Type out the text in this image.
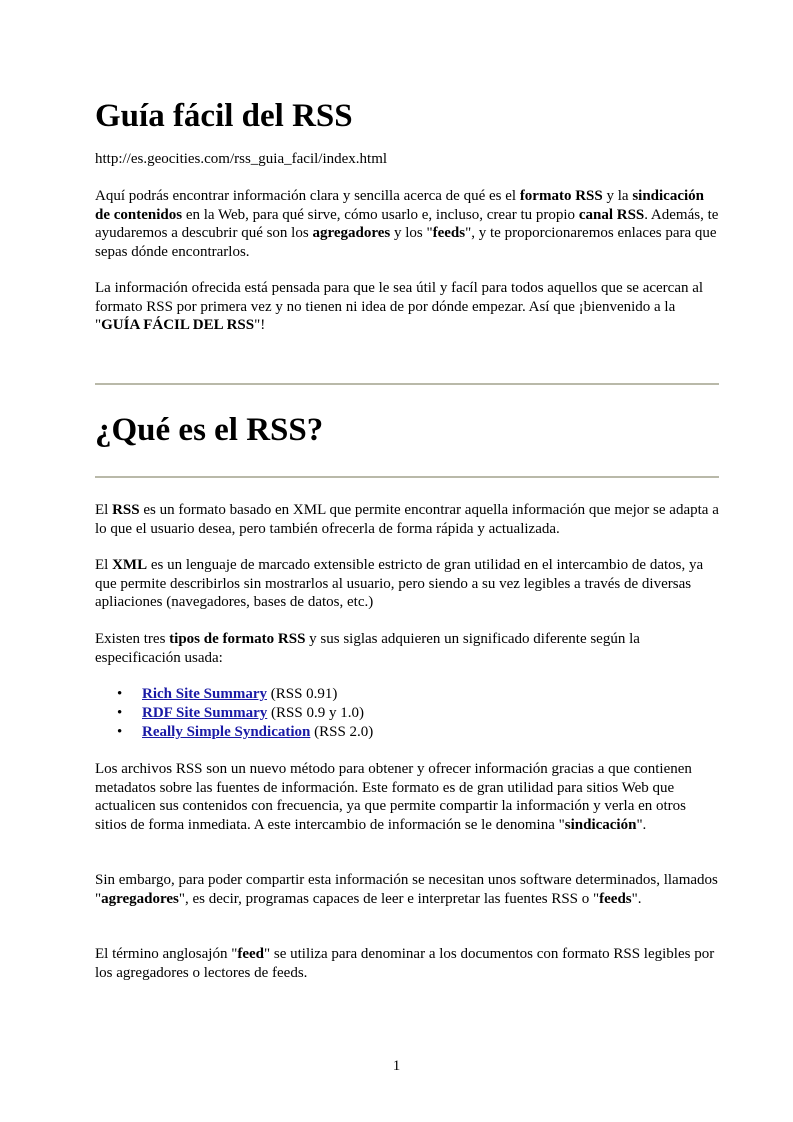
Guía fácil del RSS

http://es.geocities.com/rss_guia_facil/index.html

Aquí podrás encontrar información clara y sencilla acerca de qué es el formato RSS y la sindicación de contenidos en la Web, para qué sirve, cómo usarlo e, incluso, crear tu propio canal RSS. Además, te ayudaremos a descubrir qué son los agregadores y los "feeds", y te proporcionaremos enlaces para que sepas dónde encontrarlos.

La información ofrecida está pensada para que le sea útil y facíl para todos aquellos que se acercan al formato RSS por primera vez y no tienen ni idea de por dónde empezar. Así que ¡bienvenido a la "GUÍA FÁCIL DEL RSS"!

¿Qué es el RSS?

El RSS es un formato basado en XML que permite encontrar aquella información que mejor se adapta a lo que el usuario desea, pero también ofrecerla de forma rápida y actualizada.

El XML es un lenguaje de marcado extensible estricto de gran utilidad en el intercambio de datos, ya que permite describirlos sin mostrarlos al usuario, pero siendo a su vez legibles a través de diversas apliaciones (navegadores, bases de datos, etc.)

Existen tres tipos de formato RSS y sus siglas adquieren un significado diferente según la especificación usada:

• Rich Site Summary (RSS 0.91)
• RDF Site Summary (RSS 0.9 y 1.0)
• Really Simple Syndication (RSS 2.0)

Los archivos RSS son un nuevo método para obtener y ofrecer información gracias a que contienen metadatos sobre las fuentes de información. Este formato es de gran utilidad para sitios Web que actualicen sus contenidos con frecuencia, ya que permite compartir la información y verla en otros sitios de forma inmediata. A este intercambio de información se le denomina "sindicación".

Sin embargo, para poder compartir esta información se necesitan unos software determinados, llamados "agregadores", es decir, programas capaces de leer e interpretar las fuentes RSS o "feeds".

El término anglosajón "feed" se utiliza para denominar a los documentos con formato RSS legibles por los agregadores o lectores de feeds.

1
